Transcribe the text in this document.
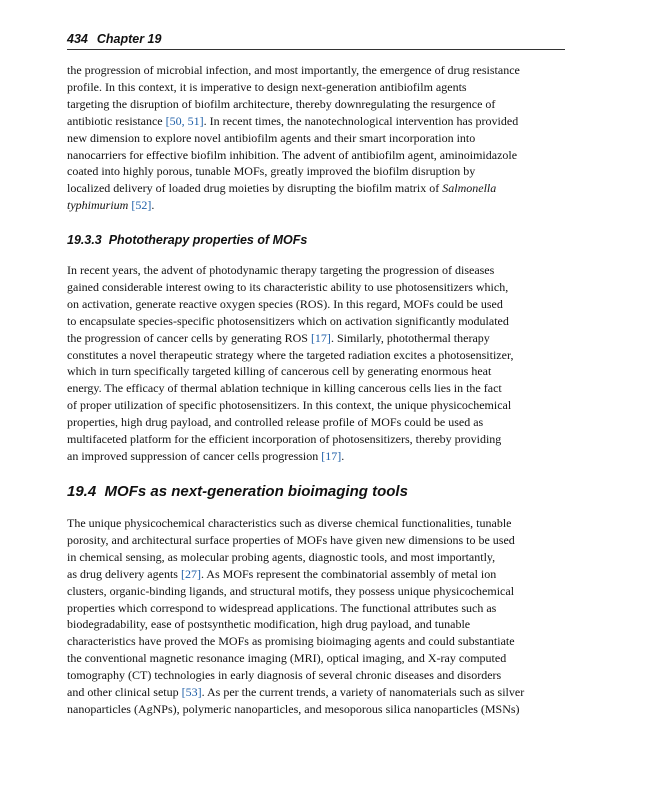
434 Chapter 19
the progression of microbial infection, and most importantly, the emergence of drug resistance
profile. In this context, it is imperative to design next-generation antibiofilm agents
targeting the disruption of biofilm architecture, thereby downregulating the resurgence of
antibiotic resistance [50, 51]. In recent times, the nanotechnological intervention has provided
new dimension to explore novel antibiofilm agents and their smart incorporation into
nanocarriers for effective biofilm inhibition. The advent of antibiofilm agent, aminoimidazole
coated into highly porous, tunable MOFs, greatly improved the biofilm disruption by
localized delivery of loaded drug moieties by disrupting the biofilm matrix of Salmonella
typhimurium [52].
19.3.3 Phototherapy properties of MOFs
In recent years, the advent of photodynamic therapy targeting the progression of diseases
gained considerable interest owing to its characteristic ability to use photosensitizers which,
on activation, generate reactive oxygen species (ROS). In this regard, MOFs could be used
to encapsulate species-specific photosensitizers which on activation significantly modulated
the progression of cancer cells by generating ROS [17]. Similarly, photothermal therapy
constitutes a novel therapeutic strategy where the targeted radiation excites a photosensitizer,
which in turn specifically targeted killing of cancerous cell by generating enormous heat
energy. The efficacy of thermal ablation technique in killing cancerous cells lies in the fact
of proper utilization of specific photosensitizers. In this context, the unique physicochemical
properties, high drug payload, and controlled release profile of MOFs could be used as
multifaceted platform for the efficient incorporation of photosensitizers, thereby providing
an improved suppression of cancer cells progression [17].
19.4 MOFs as next-generation bioimaging tools
The unique physicochemical characteristics such as diverse chemical functionalities, tunable
porosity, and architectural surface properties of MOFs have given new dimensions to be used
in chemical sensing, as molecular probing agents, diagnostic tools, and most importantly,
as drug delivery agents [27]. As MOFs represent the combinatorial assembly of metal ion
clusters, organic-binding ligands, and structural motifs, they possess unique physicochemical
properties which correspond to widespread applications. The functional attributes such as
biodegradability, ease of postsynthetic modification, high drug payload, and tunable
characteristics have proved the MOFs as promising bioimaging agents and could substantiate
the conventional magnetic resonance imaging (MRI), optical imaging, and X-ray computed
tomography (CT) technologies in early diagnosis of several chronic diseases and disorders
and other clinical setup [53]. As per the current trends, a variety of nanomaterials such as silver
nanoparticles (AgNPs), polymeric nanoparticles, and mesoporous silica nanoparticles (MSNs)
